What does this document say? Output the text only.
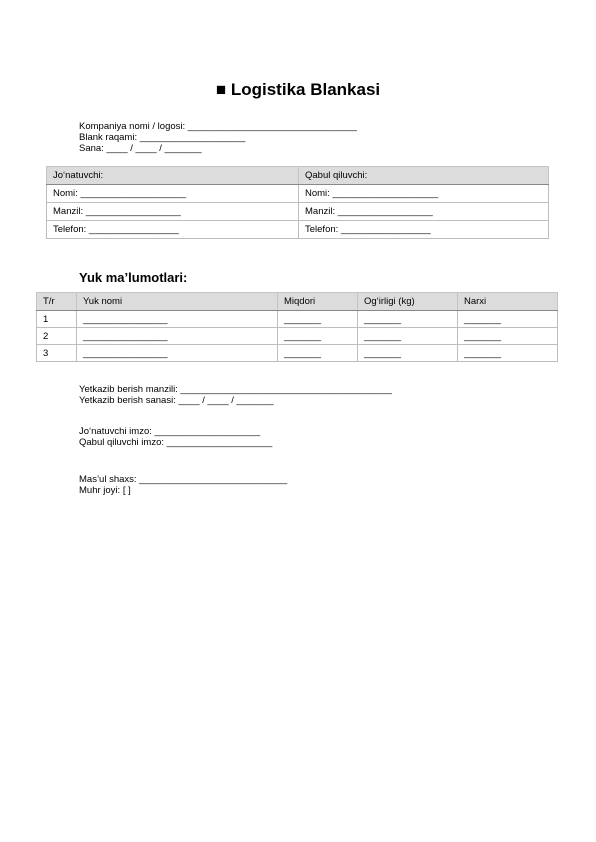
■ Logistika Blankasi
Kompaniya nomi / logosi: ________________________________
Blank raqami: ____________________
Sana: ____ / ____ / _______
Jo‘natuvchi:	Qabul qiluvchi:
Nomi: ____________________	Nomi: ____________________
Manzil: __________________	Manzil: __________________
Telefon: _________________	Telefon: _________________
Yuk ma’lumotlari:
T/r	Yuk nomi	Miqdori	Og‘irligi (kg)	Narxi
1	________________	_______	_______	_______
2	________________	_______	_______	_______
3	________________	_______	_______	_______
Yetkazib berish manzili: ________________________________________
Yetkazib berish sanasi: ____ / ____ / _______
Jo‘natuvchi imzo: ____________________
Qabul qiluvchi imzo: ____________________
Mas’ul shaxs: ____________________________
Muhr joyi: [ ]
